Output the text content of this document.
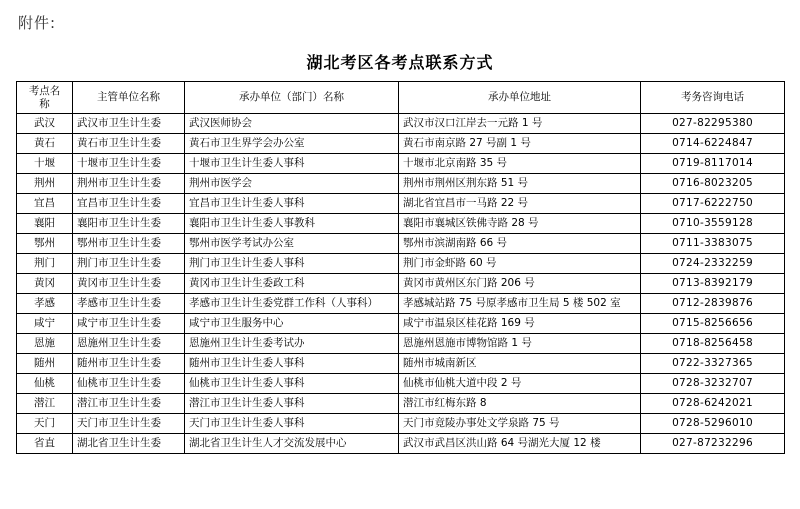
附件:
湖北考区各考点联系方式
考点名称	主管单位名称	承办单位（部门）名称	承办单位地址	考务咨询电话
武汉	武汉市卫生计生委	武汉医师协会	武汉市汉口江岸去一元路 1 号	027-82295380
黄石	黄石市卫生计生委	黄石市卫生界学会办公室	黄石市南京路 27 号副 1 号	0714-6224847
十堰	十堰市卫生计生委	十堰市卫生计生委人事科	十堰市北京南路 35 号	0719-8117014
荆州	荆州市卫生计生委	荆州市医学会	荆州市荆州区荆东路 51 号	0716-8023205
宜昌	宜昌市卫生计生委	宜昌市卫生计生委人事科	湖北省宜昌市一马路 22 号	0717-6222750
襄阳	襄阳市卫生计生委	襄阳市卫生计生委人事教科	襄阳市襄城区铁佛寺路 28 号	0710-3559128
鄂州	鄂州市卫生计生委	鄂州市医学考试办公室	鄂州市滨湖南路 66 号	0711-3383075
荆门	荆门市卫生计生委	荆门市卫生计生委人事科	荆门市金虾路 60 号	0724-2332259
黄冈	黄冈市卫生计生委	黄冈市卫生计生委政工科	黄冈市黄州区东门路 206 号	0713-8392179
孝感	孝感市卫生计生委	孝感市卫生计生委党群工作科（人事科）	孝感城站路 75 号原孝感市卫生局 5 楼 502 室	0712-2839876
咸宁	咸宁市卫生计生委	咸宁市卫生服务中心	咸宁市温泉区桂花路 169 号	0715-8256656
恩施	恩施州卫生计生委	恩施州卫生计生委考试办	恩施州恩施市博物馆路 1 号	0718-8256458
随州	随州市卫生计生委	随州市卫生计生委人事科	随州市城南新区	0722-3327365
仙桃	仙桃市卫生计生委	仙桃市卫生计生委人事科	仙桃市仙桃大道中段 2 号	0728-3232707
潜江	潜江市卫生计生委	潜江市卫生计生委人事科	潜江市红梅东路 8	0728-6242021
天门	天门市卫生计生委	天门市卫生计生委人事科	天门市竟陵办事处文学泉路 75 号	0728-5296010
省直	湖北省卫生计生委	湖北省卫生计生人才交流发展中心	武汉市武昌区洪山路 64 号湖光大厦 12 楼	027-87232296
